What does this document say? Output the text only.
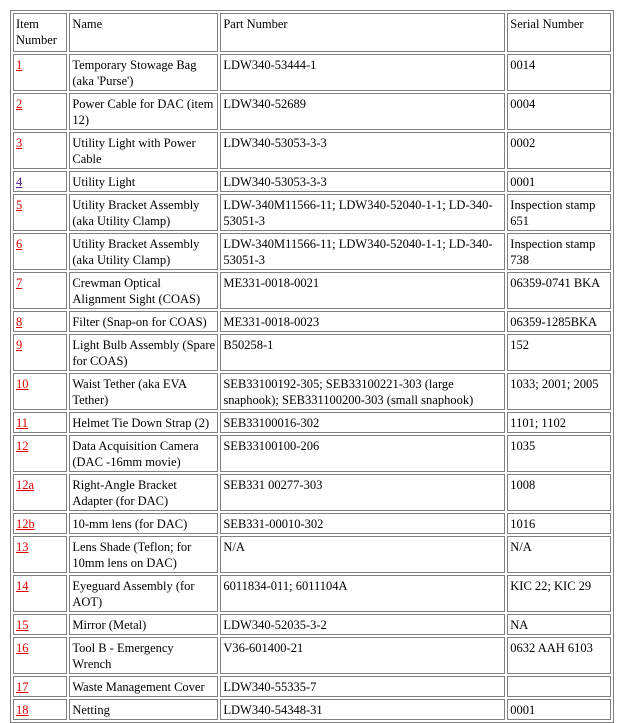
Item Number	Name	Part Number	Serial Number
1	Temporary Stowage Bag (aka 'Purse')	LDW340-53444-1	0014
2	Power Cable for DAC (item 12)	LDW340-52689	0004
3	Utility Light with Power Cable	LDW340-53053-3-3	0002
4	Utility Light	LDW340-53053-3-3	0001
5	Utility Bracket Assembly (aka Utility Clamp)	LDW-340M11566-11; LDW340-52040-1-1; LD-340-53051-3	Inspection stamp 651
6	Utility Bracket Assembly (aka Utility Clamp)	LDW-340M11566-11; LDW340-52040-1-1; LD-340-53051-3	Inspection stamp 738
7	Crewman Optical Alignment Sight (COAS)	ME331-0018-0021	06359-0741 BKA
8	Filter (Snap-on for COAS)	ME331-0018-0023	06359-1285BKA
9	Light Bulb Assembly (Spare for COAS)	B50258-1	152
10	Waist Tether (aka EVA Tether)	SEB33100192-305; SEB33100221-303 (large snaphook); SEB331100200-303 (small snaphook)	1033; 2001; 2005
11	Helmet Tie Down Strap (2)	SEB33100016-302	1101; 1102
12	Data Acquisition Camera (DAC -16mm movie)	SEB33100100-206	1035
12a	Right-Angle Bracket Adapter (for DAC)	SEB331 00277-303	1008
12b	10-mm lens (for DAC)	SEB331-00010-302	1016
13	Lens Shade (Teflon; for 10mm lens on DAC)	N/A	N/A
14	Eyeguard Assembly (for AOT)	6011834-011; 6011104A	KIC 22; KIC 29
15	Mirror (Metal)	LDW340-52035-3-2	NA
16	Tool B - Emergency Wrench	V36-601400-21	0632 AAH 6103
17	Waste Management Cover	LDW340-55335-7	
18	Netting	LDW340-54348-31	0001
